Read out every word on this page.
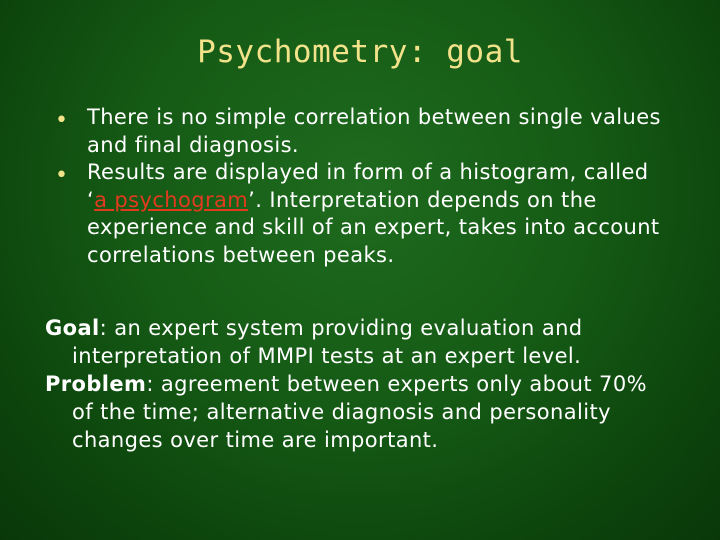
Psychometry: goal
• There is no simple correlation between single values and final diagnosis.
• Results are displayed in form of a histogram, called ‘a psychogram’. Interpretation depends on the experience and skill of an expert, takes into account correlations between peaks.
Goal: an expert system providing evaluation and interpretation of MMPI tests at an expert level.
Problem: agreement between experts only about 70% of the time; alternative diagnosis and personality changes over time are important.
